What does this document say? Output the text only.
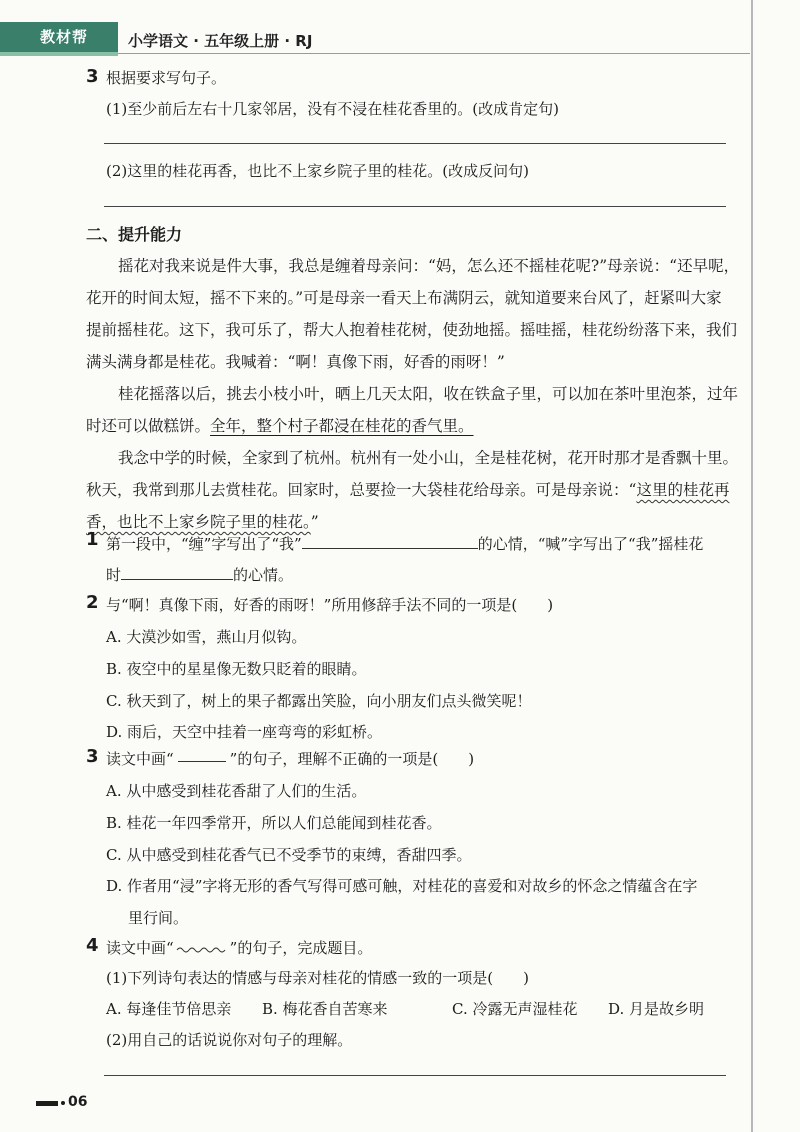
教材帮	小学语文 · 五年级上册 · RJ
3 根据要求写句子。
(1)至少前后左右十几家邻居，没有不浸在桂花香里的。(改成肯定句)
(2)这里的桂花再香，也比不上家乡院子里的桂花。(改成反问句)
二、提升能力
摇花对我来说是件大事，我总是缠着母亲问：“妈，怎么还不摇桂花呢?”母亲说：“还早呢，
花开的时间太短，摇不下来的。”可是母亲一看天上布满阴云，就知道要来台风了，赶紧叫大家
提前摇桂花。这下，我可乐了，帮大人抱着桂花树，使劲地摇。摇哇摇，桂花纷纷落下来，我们
满头满身都是桂花。我喊着：“啊！真像下雨，好香的雨呀！”
桂花摇落以后，挑去小枝小叶，晒上几天太阳，收在铁盒子里，可以加在茶叶里泡茶，过年
时还可以做糕饼。全年，整个村子都浸在桂花的香气里。
我念中学的时候，全家到了杭州。杭州有一处小山，全是桂花树，花开时那才是香飘十里。
秋天，我常到那儿去赏桂花。回家时，总要捡一大袋桂花给母亲。可是母亲说：“这里的桂花再
香，也比不上家乡院子里的桂花。”
1 第一段中，“缠”字写出了“我”	的心情，“喊”字写出了“我”摇桂花
时	的心情。
2 与“啊！真像下雨，好香的雨呀！”所用修辞手法不同的一项是(　　)
A. 大漠沙如雪，燕山月似钩。
B. 夜空中的星星像无数只眨着的眼睛。
C. 秋天到了，树上的果子都露出笑脸，向小朋友们点头微笑呢！
D. 雨后，天空中挂着一座弯弯的彩虹桥。
3 读文中画“	”的句子，理解不正确的一项是(　　)
A. 从中感受到桂花香甜了人们的生活。
B. 桂花一年四季常开，所以人们总能闻到桂花香。
C. 从中感受到桂花香气已不受季节的束缚，香甜四季。
D. 作者用“浸”字将无形的香气写得可感可触，对桂花的喜爱和对故乡的怀念之情蕴含在字
里行间。
4 读文中画“	”的句子，完成题目。
(1)下列诗句表达的情感与母亲对桂花的情感一致的一项是(　　)
A. 每逢佳节倍思亲 B. 梅花香自苦寒来	C. 冷露无声湿桂花 D. 月是故乡明
(2)用自己的话说说你对句子的理解。
06
